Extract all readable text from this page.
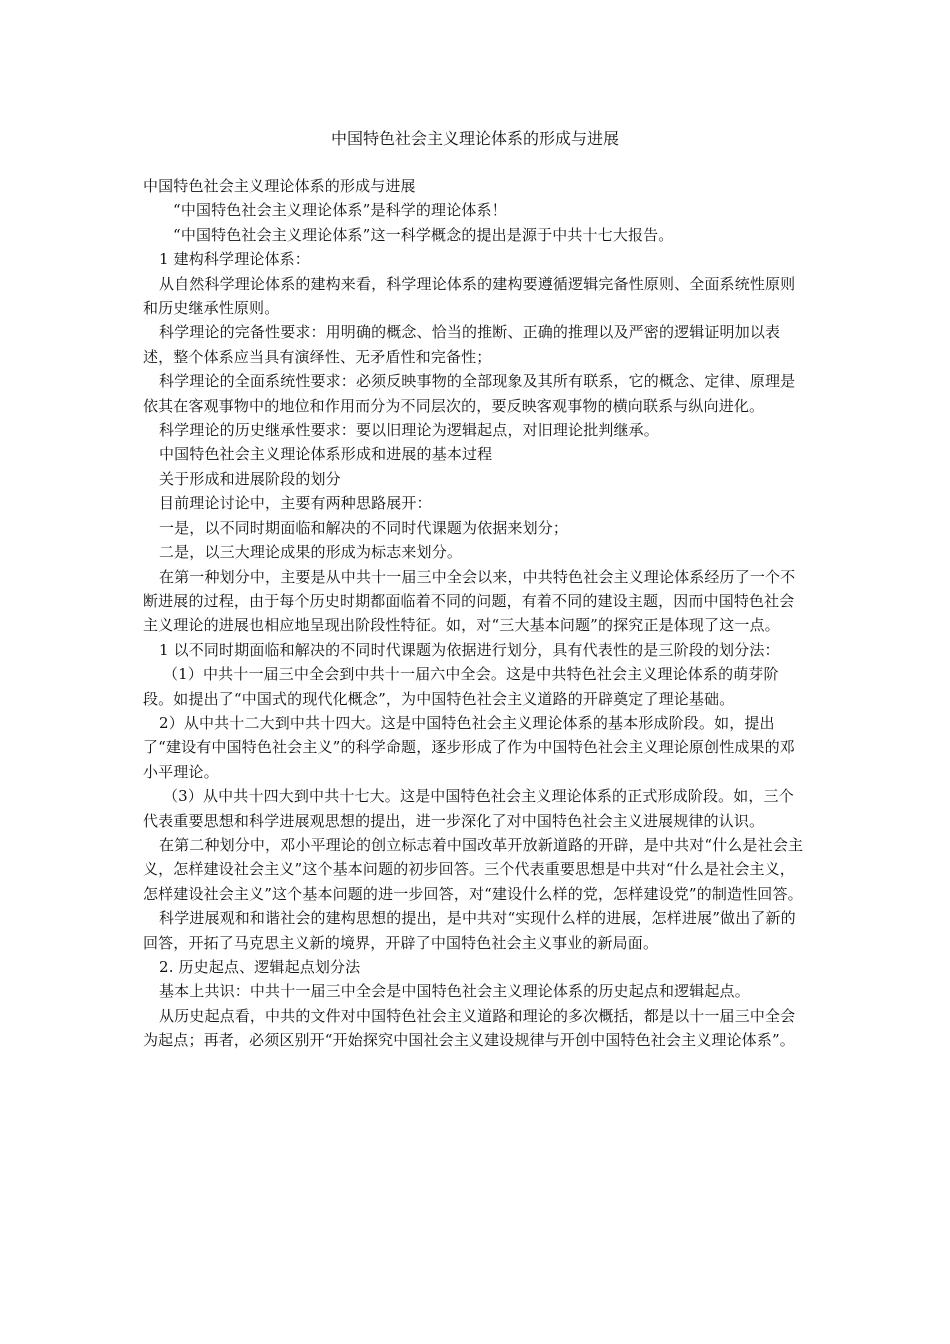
中国特色社会主义理论体系的形成与进展

中国特色社会主义理论体系的形成与进展

“中国特色社会主义理论体系”是科学的理论体系！

“中国特色社会主义理论体系”这一科学概念的提出是源于中共十七大报告。

1 建构科学理论体系：

从自然科学理论体系的建构来看，科学理论体系的建构要遵循逻辑完备性原则、全面系统性原则和历史继承性原则。

科学理论的完备性要求：用明确的概念、恰当的推断、正确的推理以及严密的逻辑证明加以表述，整个体系应当具有演绎性、无矛盾性和完备性；

科学理论的全面系统性要求：必须反映事物的全部现象及其所有联系，它的概念、定律、原理是依其在客观事物中的地位和作用而分为不同层次的，要反映客观事物的横向联系与纵向进化。

科学理论的历史继承性要求：要以旧理论为逻辑起点，对旧理论批判继承。

中国特色社会主义理论体系形成和进展的基本过程

关于形成和进展阶段的划分

目前理论讨论中，主要有两种思路展开：

一是，以不同时期面临和解决的不同时代课题为依据来划分；

二是，以三大理论成果的形成为标志来划分。

在第一种划分中，主要是从中共十一届三中全会以来，中共特色社会主义理论体系经历了一个不断进展的过程，由于每个历史时期都面临着不同的问题，有着不同的建设主题，因而中国特色社会主义理论的进展也相应地呈现出阶段性特征。如，对“三大基本问题”的探究正是体现了这一点。

1 以不同时期面临和解决的不同时代课题为依据进行划分，具有代表性的是三阶段的划分法：

（1）中共十一届三中全会到中共十一届六中全会。这是中共特色社会主义理论体系的萌芽阶段。如提出了“中国式的现代化概念”，为中国特色社会主义道路的开辟奠定了理论基础。

2）从中共十二大到中共十四大。这是中国特色社会主义理论体系的基本形成阶段。如，提出了“建设有中国特色社会主义”的科学命题，逐步形成了作为中国特色社会主义理论原创性成果的邓小平理论。

（3）从中共十四大到中共十七大。这是中国特色社会主义理论体系的正式形成阶段。如，三个代表重要思想和科学进展观思想的提出，进一步深化了对中国特色社会主义进展规律的认识。

在第二种划分中，邓小平理论的创立标志着中国改革开放新道路的开辟，是中共对“什么是社会主义，怎样建设社会主义”这个基本问题的初步回答。三个代表重要思想是中共对“什么是社会主义，怎样建设社会主义”这个基本问题的进一步回答，对“建设什么样的党，怎样建设党”的制造性回答。

科学进展观和和谐社会的建构思想的提出，是中共对“实现什么样的进展，怎样进展”做出了新的回答，开拓了马克思主义新的境界，开辟了中国特色社会主义事业的新局面。

2. 历史起点、逻辑起点划分法

基本上共识：中共十一届三中全会是中国特色社会主义理论体系的历史起点和逻辑起点。

从历史起点看，中共的文件对中国特色社会主义道路和理论的多次概括，都是以十一届三中全会为起点；再者，必须区别开“开始探究中国社会主义建设规律与开创中国特色社会主义理论体系”。
